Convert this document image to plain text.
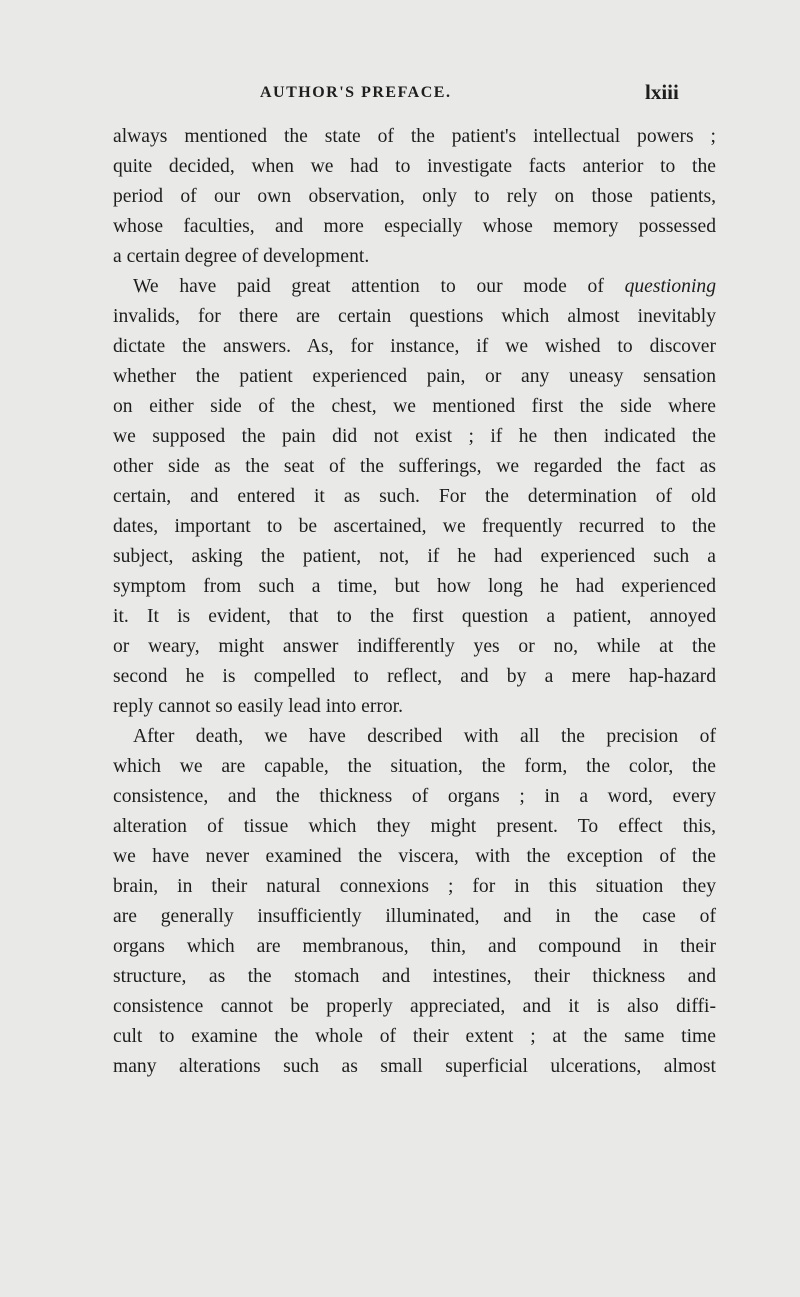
AUTHOR'S PREFACE.	lxiii
always mentioned the state of the patient's intellectual powers ;
quite decided, when we had to investigate facts anterior to the
period of our own observation, only to rely on those patients,
whose faculties, and more especially whose memory possessed
a certain degree of development.
We have paid great attention to our mode of questioning
invalids, for there are certain questions which almost inevitably
dictate the answers. As, for instance, if we wished to discover
whether the patient experienced pain, or any uneasy sensation
on either side of the chest, we mentioned first the side where
we supposed the pain did not exist ; if he then indicated the
other side as the seat of the sufferings, we regarded the fact as
certain, and entered it as such. For the determination of old
dates, important to be ascertained, we frequently recurred to the
subject, asking the patient, not, if he had experienced such a
symptom from such a time, but how long he had experienced
it. It is evident, that to the first question a patient, annoyed
or weary, might answer indifferently yes or no, while at the
second he is compelled to reflect, and by a mere hap-hazard
reply cannot so easily lead into error.
After death, we have described with all the precision of
which we are capable, the situation, the form, the color, the
consistence, and the thickness of organs ; in a word, every
alteration of tissue which they might present. To effect this,
we have never examined the viscera, with the exception of the
brain, in their natural connexions ; for in this situation they
are generally insufficiently illuminated, and in the case of
organs which are membranous, thin, and compound in their
structure, as the stomach and intestines, their thickness and
consistence cannot be properly appreciated, and it is also diffi-
cult to examine the whole of their extent ; at the same time
many alterations such as small superficial ulcerations, almost
